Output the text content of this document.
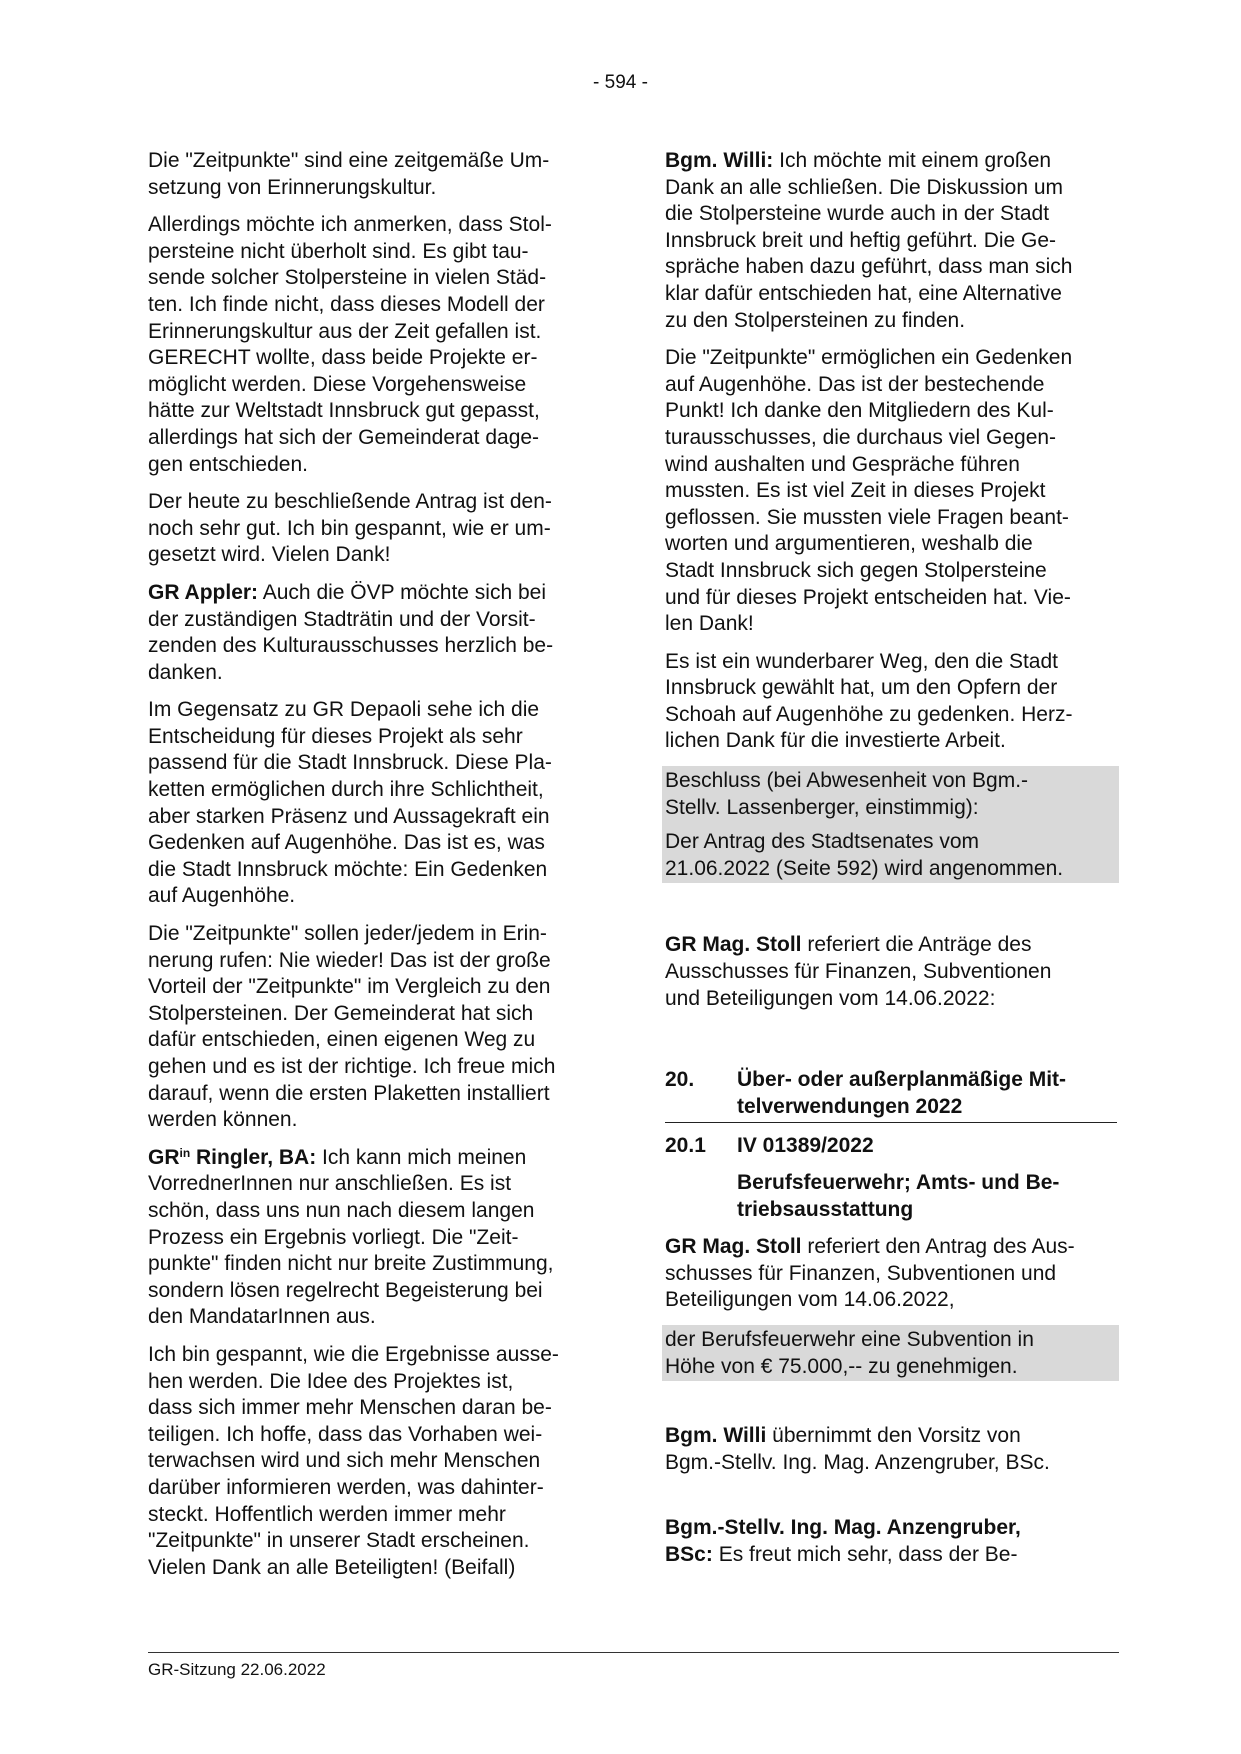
- 594 -

Die "Zeitpunkte" sind eine zeitgemäße Um-
setzung von Erinnerungskultur.

Allerdings möchte ich anmerken, dass Stol-
persteine nicht überholt sind. Es gibt tau-
sende solcher Stolpersteine in vielen Städ-
ten. Ich finde nicht, dass dieses Modell der
Erinnerungskultur aus der Zeit gefallen ist.
GERECHT wollte, dass beide Projekte er-
möglicht werden. Diese Vorgehensweise
hätte zur Weltstadt Innsbruck gut gepasst,
allerdings hat sich der Gemeinderat dage-
gen entschieden.

Der heute zu beschließende Antrag ist den-
noch sehr gut. Ich bin gespannt, wie er um-
gesetzt wird. Vielen Dank!

GR Appler: Auch die ÖVP möchte sich bei
der zuständigen Stadträtin und der Vorsit-
zenden des Kulturausschusses herzlich be-
danken.

Im Gegensatz zu GR Depaoli sehe ich die
Entscheidung für dieses Projekt als sehr
passend für die Stadt Innsbruck. Diese Pla-
ketten ermöglichen durch ihre Schlichtheit,
aber starken Präsenz und Aussagekraft ein
Gedenken auf Augenhöhe. Das ist es, was
die Stadt Innsbruck möchte: Ein Gedenken
auf Augenhöhe.

Die "Zeitpunkte" sollen jeder/jedem in Erin-
nerung rufen: Nie wieder! Das ist der große
Vorteil der "Zeitpunkte" im Vergleich zu den
Stolpersteinen. Der Gemeinderat hat sich
dafür entschieden, einen eigenen Weg zu
gehen und es ist der richtige. Ich freue mich
darauf, wenn die ersten Plaketten installiert
werden können.

$GR^{in}$ Ringler, BA: Ich kann mich meinen
VorrednerInnen nur anschließen. Es ist
schön, dass uns nun nach diesem langen
Prozess ein Ergebnis vorliegt. Die "Zeit-
punkte" finden nicht nur breite Zustimmung,
sondern lösen regelrecht Begeisterung bei
den MandatarInnen aus.

Ich bin gespannt, wie die Ergebnisse ausse-
hen werden. Die Idee des Projektes ist,
dass sich immer mehr Menschen daran be-
teiligen. Ich hoffe, dass das Vorhaben wei-
terwachsen wird und sich mehr Menschen
darüber informieren werden, was dahinter-
steckt. Hoffentlich werden immer mehr
"Zeitpunkte" in unserer Stadt erscheinen.
Vielen Dank an alle Beteiligten! (Beifall)

Bgm. Willi: Ich möchte mit einem großen
Dank an alle schließen. Die Diskussion um
die Stolpersteine wurde auch in der Stadt
Innsbruck breit und heftig geführt. Die Ge-
spräche haben dazu geführt, dass man sich
klar dafür entschieden hat, eine Alternative
zu den Stolpersteinen zu finden.

Die "Zeitpunkte" ermöglichen ein Gedenken
auf Augenhöhe. Das ist der bestechende
Punkt! Ich danke den Mitgliedern des Kul-
turausschusses, die durchaus viel Gegen-
wind aushalten und Gespräche führen
mussten. Es ist viel Zeit in dieses Projekt
geflossen. Sie mussten viele Fragen beant-
worten und argumentieren, weshalb die
Stadt Innsbruck sich gegen Stolpersteine
und für dieses Projekt entscheiden hat. Vie-
len Dank!

Es ist ein wunderbarer Weg, den die Stadt
Innsbruck gewählt hat, um den Opfern der
Schoah auf Augenhöhe zu gedenken. Herz-
lichen Dank für die investierte Arbeit.

Beschluss (bei Abwesenheit von Bgm.-
Stellv. Lassenberger, einstimmig):

Der Antrag des Stadtsenates vom
21.06.2022 (Seite 592) wird angenommen.

GR Mag. Stoll referiert die Anträge des
Ausschusses für Finanzen, Subventionen
und Beteiligungen vom 14.06.2022:

20.	Über- oder außerplanmäßige Mit-
telverwendungen 2022
20.1	IV 01389/2022
Berufsfeuerwehr; Amts- und Be-
triebsausstattung

GR Mag. Stoll referiert den Antrag des Aus-
schusses für Finanzen, Subventionen und
Beteiligungen vom 14.06.2022,

der Berufsfeuerwehr eine Subvention in
Höhe von € 75.000,-- zu genehmigen.

Bgm. Willi übernimmt den Vorsitz von
Bgm.-Stellv. Ing. Mag. Anzengruber, BSc.

Bgm.-Stellv. Ing. Mag. Anzengruber,
BSc: Es freut mich sehr, dass der Be-

GR-Sitzung 22.06.2022
